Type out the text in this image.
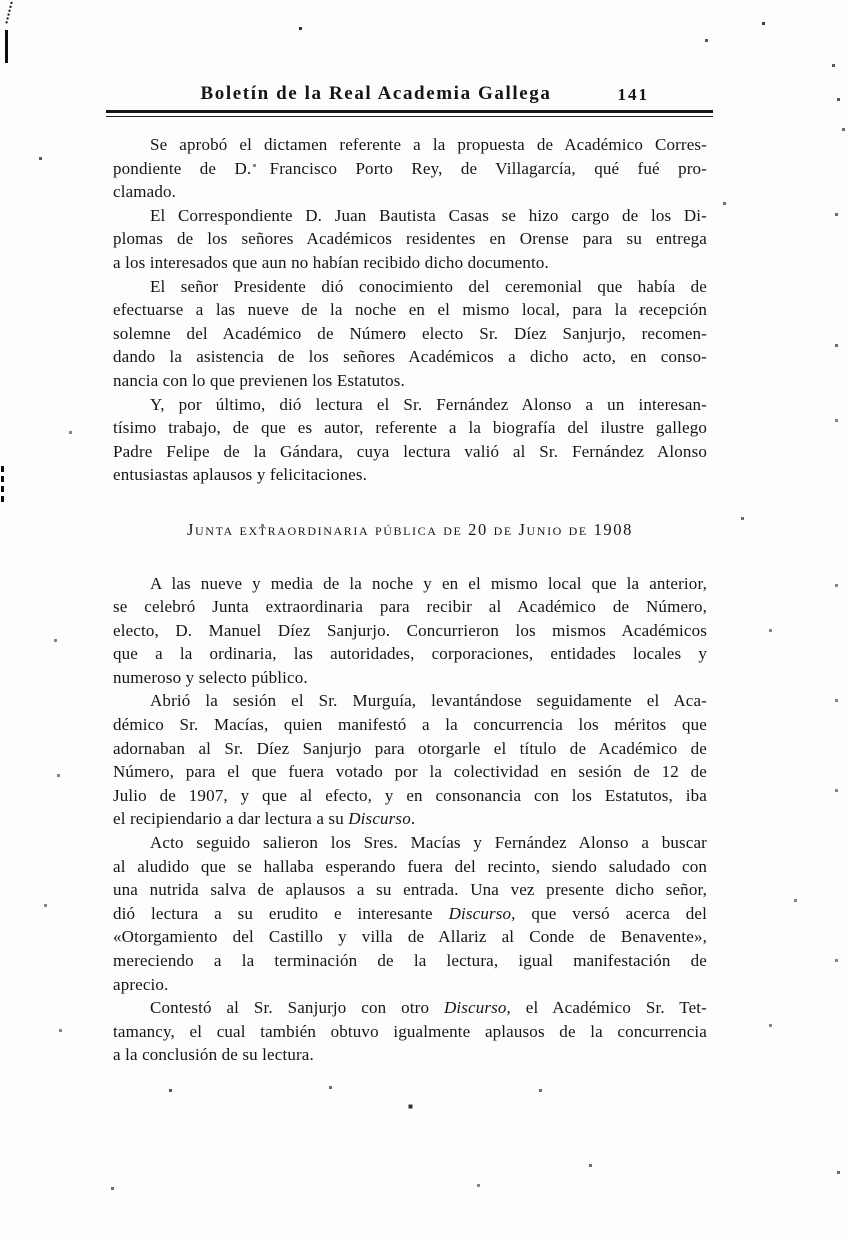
Boletín de la Real Academia Gallega	141
Se aprobó el dictamen referente a la propuesta de Académico Corres-
pondiente de D. Francisco Porto Rey, de Villagarcía, qué fué pro-
clamado.
El Correspondiente D. Juan Bautista Casas se hizo cargo de los Di-
plomas de los señores Académicos residentes en Orense para su entrega
a los interesados que aun no habían recibido dicho documento.
El señor Presidente dió conocimiento del ceremonial que había de
efectuarse a las nueve de la noche en el mismo local, para la recepción
solemne del Académico de Número electo Sr. Díez Sanjurjo, recomen-
dando la asistencia de los señores Académicos a dicho acto, en conso-
nancia con lo que previenen los Estatutos.
Y, por último, dió lectura el Sr. Fernández Alonso a un interesan-
tísimo trabajo, de que es autor, referente a la biografía del ilustre gallego
Padre Felipe de la Gándara, cuya lectura valió al Sr. Fernández Alonso
entusiastas aplausos y felicitaciones.
Junta extraordinaria pública de 20 de Junio de 1908
A las nueve y media de la noche y en el mismo local que la anterior,
se celebró Junta extraordinaria para recibir al Académico de Número,
electo, D. Manuel Díez Sanjurjo. Concurrieron los mismos Académicos
que a la ordinaria, las autoridades, corporaciones, entidades locales y
numeroso y selecto público.
Abrió la sesión el Sr. Murguía, levantándose seguidamente el Aca-
démico Sr. Macías, quien manifestó a la concurrencia los méritos que
adornaban al Sr. Díez Sanjurjo para otorgarle el título de Académico de
Número, para el que fuera votado por la colectividad en sesión de 12 de
Julio de 1907, y que al efecto, y en consonancia con los Estatutos, iba
el recipiendario a dar lectura a su Discurso.
Acto seguido salieron los Sres. Macías y Fernández Alonso a buscar
al aludido que se hallaba esperando fuera del recinto, siendo saludado con
una nutrida salva de aplausos a su entrada. Una vez presente dicho señor,
dió lectura a su erudito e interesante Discurso, que versó acerca del
«Otorgamiento del Castillo y villa de Allariz al Conde de Benavente»,
mereciendo a la terminación de la lectura, igual manifestación de
aprecio.
Contestó al Sr. Sanjurjo con otro Discurso, el Académico Sr. Tet-
tamancy, el cual también obtuvo igualmente aplausos de la concurrencia
a la conclusión de su lectura.
